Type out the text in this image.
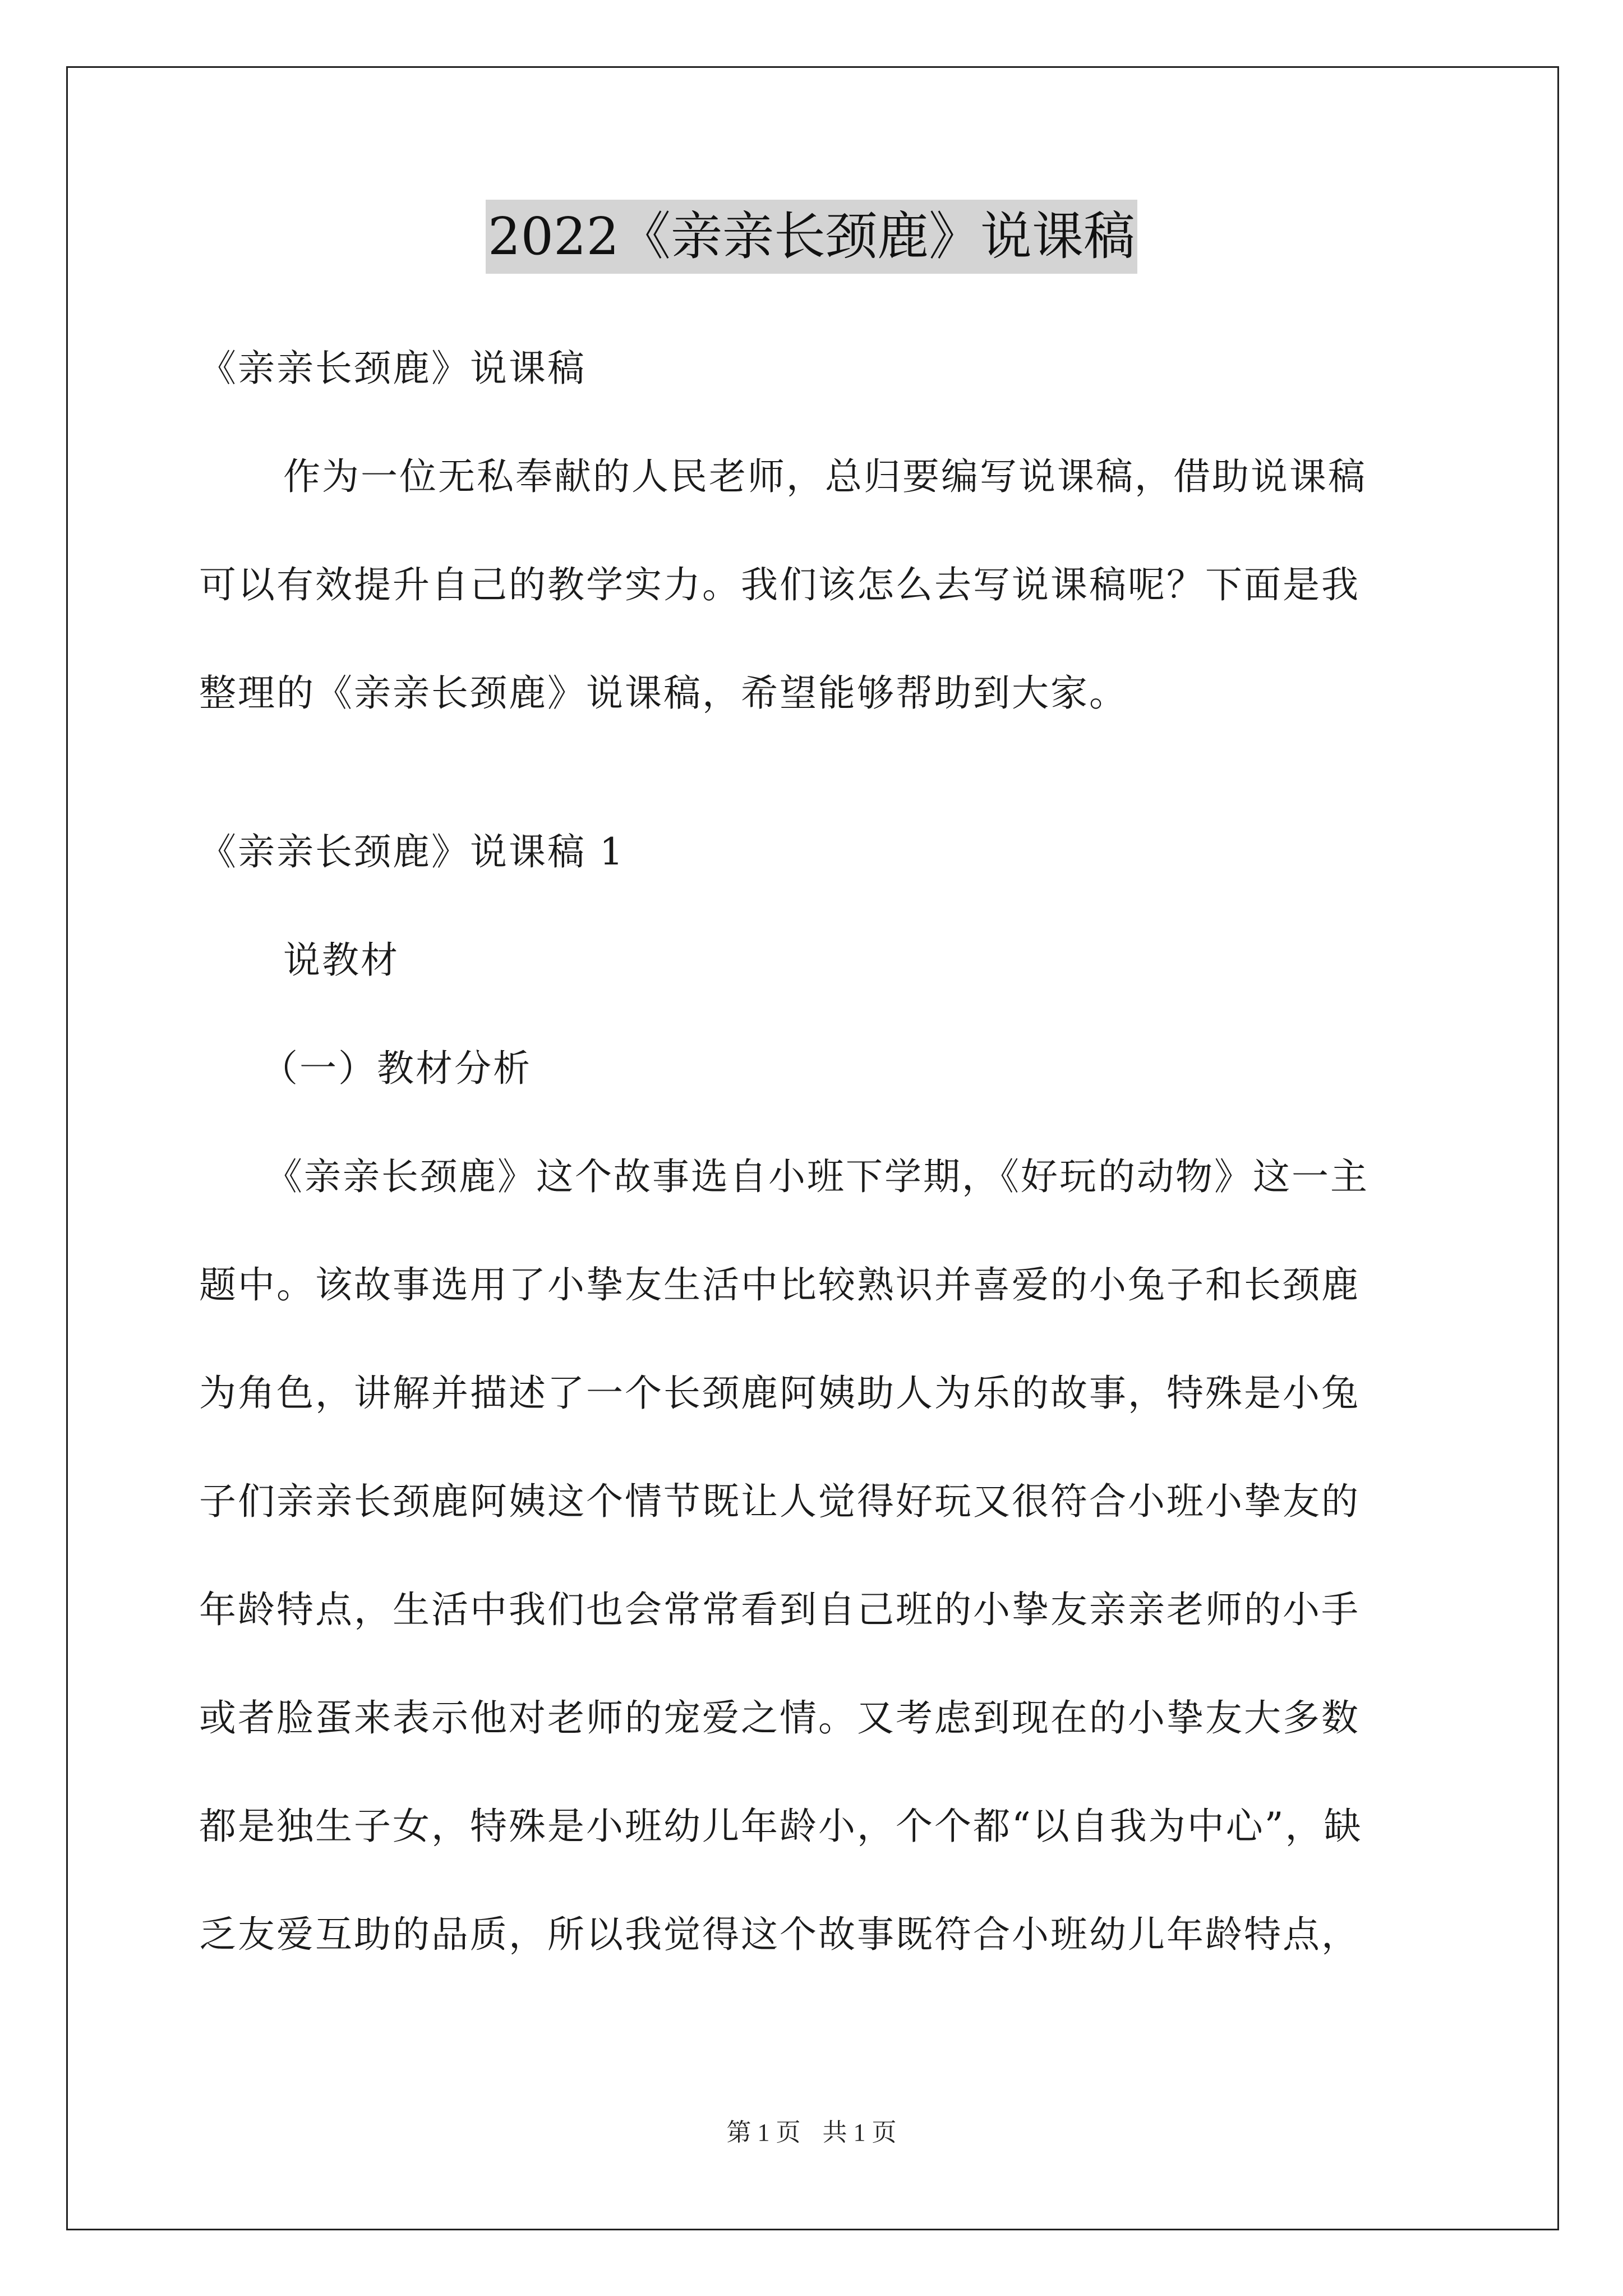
2022《亲亲长颈鹿》说课稿
《亲亲长颈鹿》说课稿
作为一位无私奉献的人民老师，总归要编写说课稿，借助说课稿
可以有效提升自己的教学实力。我们该怎么去写说课稿呢？下面是我
整理的《亲亲长颈鹿》说课稿，希望能够帮助到大家。
《亲亲长颈鹿》说课稿 1
说教材
（一）教材分析
《亲亲长颈鹿》这个故事选自小班下学期，《好玩的动物》这一主
题中。该故事选用了小挚友生活中比较熟识并喜爱的小兔子和长颈鹿
为角色，讲解并描述了一个长颈鹿阿姨助人为乐的故事，特殊是小兔
子们亲亲长颈鹿阿姨这个情节既让人觉得好玩又很符合小班小挚友的
年龄特点，生活中我们也会常常看到自己班的小挚友亲亲老师的小手
或者脸蛋来表示他对老师的宠爱之情。又考虑到现在的小挚友大多数
都是独生子女，特殊是小班幼儿年龄小，个个都“以自我为中心”，缺
乏友爱互助的品质，所以我觉得这个故事既符合小班幼儿年龄特点，
第 1 页 共 1 页
